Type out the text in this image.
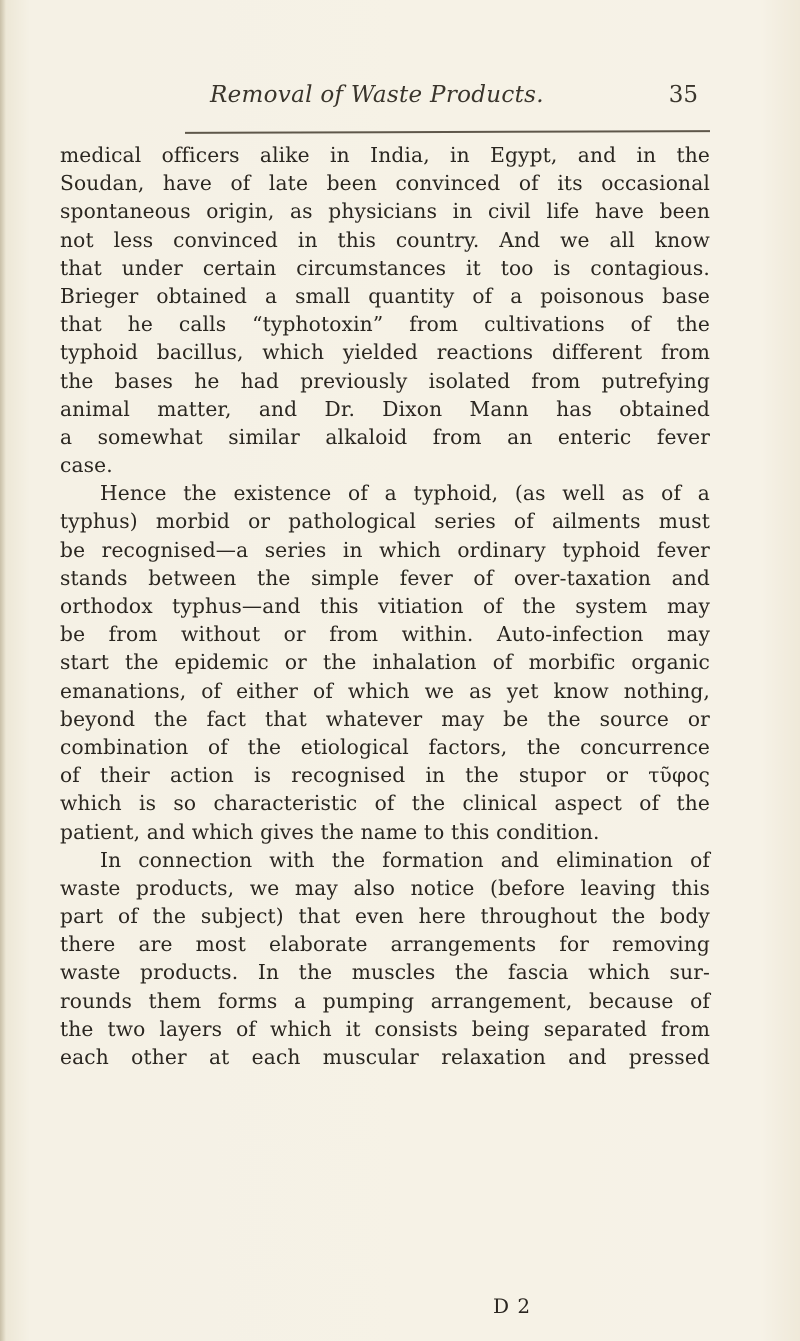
Removal of Waste Products.	35
medical officers alike in India, in Egypt, and in the
Soudan, have of late been convinced of its occasional
spontaneous origin, as physicians in civil life have been
not less convinced in this country. And we all know
that under certain circumstances it too is contagious.
Brieger obtained a small quantity of a poisonous base
that he calls “typhotoxin” from cultivations of the
typhoid bacillus, which yielded reactions different from
the bases he had previously isolated from putrefying
animal matter, and Dr. Dixon Mann has obtained
a somewhat similar alkaloid from an enteric fever
case.
Hence the existence of a typhoid, (as well as of a
typhus) morbid or pathological series of ailments must
be recognised—a series in which ordinary typhoid fever
stands between the simple fever of over-taxation and
orthodox typhus—and this vitiation of the system may
be from without or from within. Auto-infection may
start the epidemic or the inhalation of morbific organic
emanations, of either of which we as yet know nothing,
beyond the fact that whatever may be the source or
combination of the etiological factors, the concurrence
of their action is recognised in the stupor or τῦφος
which is so characteristic of the clinical aspect of the
patient, and which gives the name to this condition.
In connection with the formation and elimination of
waste products, we may also notice (before leaving this
part of the subject) that even here throughout the body
there are most elaborate arrangements for removing
waste products. In the muscles the fascia which sur-
rounds them forms a pumping arrangement, because of
the two layers of which it consists being separated from
each other at each muscular relaxation and pressed
D 2
